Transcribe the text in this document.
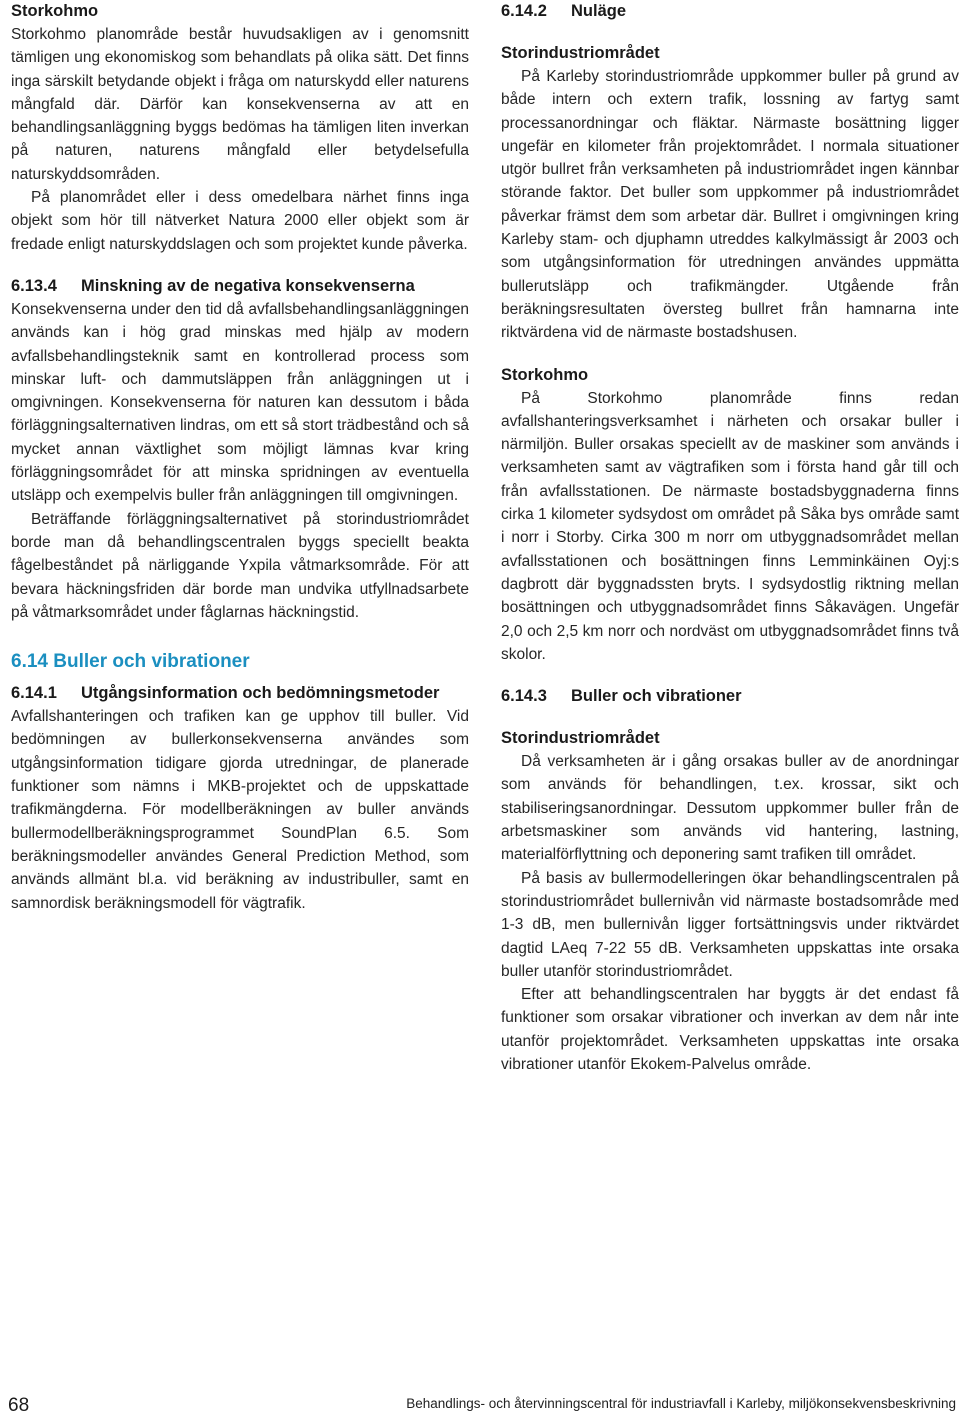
Storkohmo

Storkohmo planområde består huvudsakligen av i genomsnitt tämligen ung ekonomiskog som behandlats på olika sätt. Det finns inga särskilt betydande objekt i fråga om naturskydd eller naturens mångfald där. Därför kan konsekvenserna av att en behandlingsanläggning byggs bedömas ha tämligen liten inverkan på naturen, naturens mångfald eller betydelsefulla naturskyddsområden.

På planområdet eller i dess omedelbara närhet finns inga objekt som hör till nätverket Natura 2000 eller objekt som är fredade enligt naturskyddslagen och som projektet kunde påverka.

6.13.4 Minskning av de negativa konsekvenserna

Konsekvenserna under den tid då avfallsbehandlingsanläggningen används kan i hög grad minskas med hjälp av modern avfallsbehandlingsteknik samt en kontrollerad process som minskar luft- och dammutsläppen från anläggningen ut i omgivningen. Konsekvenserna för naturen kan dessutom i båda förläggningsalternativen lindras, om ett så stort trädbestånd och så mycket annan växtlighet som möjligt lämnas kvar kring förläggningsområdet för att minska spridningen av eventuella utsläpp och exempelvis buller från anläggningen till omgivningen.

Beträffande förläggningsalternativet på storindustriområdet borde man då behandlingscentralen byggs speciellt beakta fågelbeståndet på närliggande Yxpila våtmarksområde. För att bevara häckningsfriden där borde man undvika utfyllnadsarbete på våtmarksområdet under fåglarnas häckningstid.

6.14 Buller och vibrationer
6.14.1 Utgångsinformation och bedömningsmetoder

Avfallshanteringen och trafiken kan ge upphov till buller. Vid bedömningen av bullerkonsekvenserna användes som utgångsinformation tidigare gjorda utredningar, de planerade funktioner som nämns i MKB-projektet och de uppskattade trafikmängderna. För modellberäkningen av buller används bullermodellberäkningsprogrammet SoundPlan 6.5. Som beräkningsmodeller användes General Prediction Method, som används allmänt bl.a. vid beräkning av industribuller, samt en samnordisk beräkningsmodell för vägtrafik.

6.14.2 Nuläge
Storindustriområdet

På Karleby storindustriområde uppkommer buller på grund av både intern och extern trafik, lossning av fartyg samt processanordningar och fläktar. Närmaste bosättning ligger ungefär en kilometer från projektområdet. I normala situationer utgör bullret från verksamheten på industriområdet ingen kännbar störande faktor. Det buller som uppkommer på industriområdet påverkar främst dem som arbetar där. Bullret i omgivningen kring Karleby stam- och djuphamn utreddes kalkylmässigt år 2003 och som utgångsinformation för utredningen användes uppmätta bullerutsläpp och trafikmängder. Utgående från beräkningsresultaten översteg bullret från hamnarna inte riktvärdena vid de närmaste bostadshusen.

Storkohmo

På Storkohmo planområde finns redan avfallshanteringsverksamhet i närheten och orsakar buller i närmiljön. Buller orsakas speciellt av de maskiner som används i verksamheten samt av vägtrafiken som i första hand går till och från avfallsstationen. De närmaste bostadsbyggnaderna finns cirka 1 kilometer sydsydost om området på Såka bys område samt i norr i Storby. Cirka 300 m norr om utbyggnadsområdet mellan avfallsstationen och bosättningen finns Lemminkäinen Oyj:s dagbrott där byggnadssten bryts. I sydsydostlig riktning mellan bosättningen och utbyggnadsområdet finns Såkavägen. Ungefär 2,0 och 2,5 km norr och nordväst om utbyggnadsområdet finns två skolor.

6.14.3 Buller och vibrationer
Storindustriområdet

Då verksamheten är i gång orsakas buller av de anordningar som används för behandlingen, t.ex. krossar, sikt och stabiliseringsanordningar. Dessutom uppkommer buller från de arbetsmaskiner som används vid hantering, lastning, materialförflyttning och deponering samt trafiken till området.

På basis av bullermodelleringen ökar behandlingscentralen på storindustriområdet bullernivån vid närmaste bostadsområde med 1-3 dB, men bullernivån ligger fortsättningsvis under riktvärdet dagtid LAeq 7-22 55 dB. Verksamheten uppskattas inte orsaka buller utanför storindustriområdet.

Efter att behandlingscentralen har byggts är det endast få funktioner som orsakar vibrationer och inverkan av dem når inte utanför projektområdet. Verksamheten uppskattas inte orsaka vibrationer utanför Ekokem-Palvelus område.

68	Behandlings- och återvinningscentral för industriavfall i Karleby, miljökonsekvensbeskrivning
